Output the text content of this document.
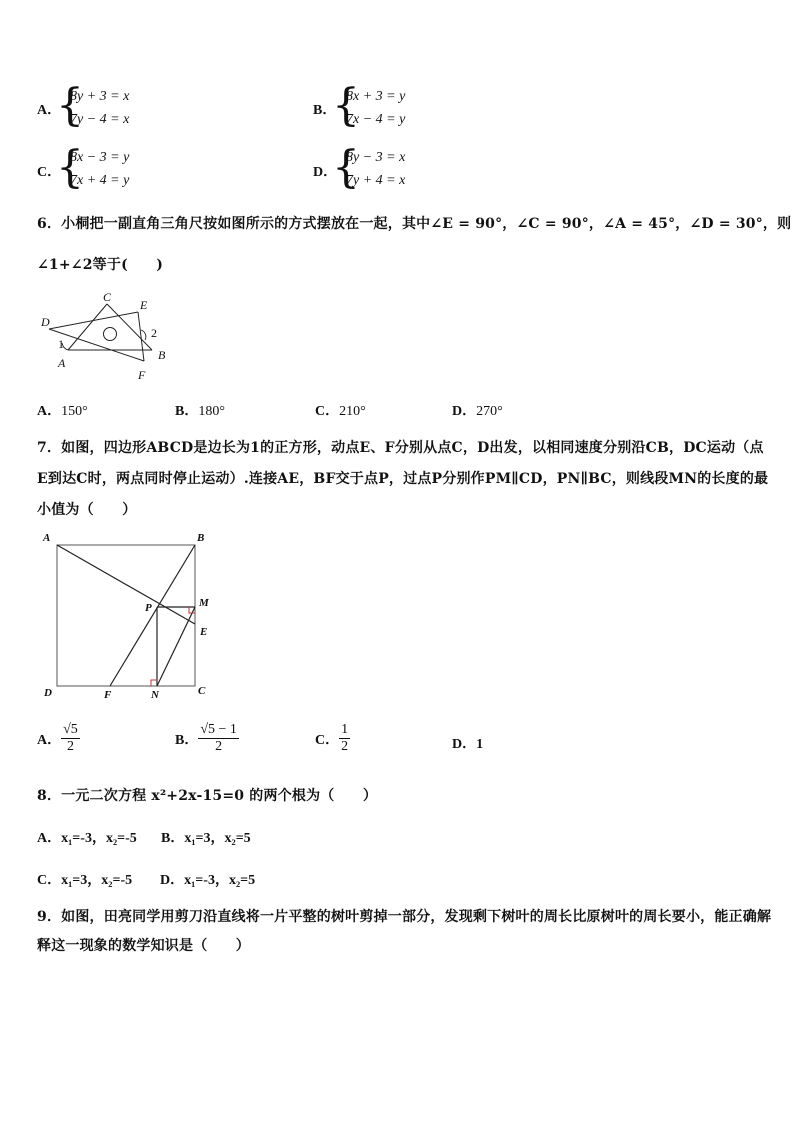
A．
{
8y + 3 = x
7y − 4 = x
B．
{
8x + 3 = y
7x − 4 = y
C．
{
8x − 3 = y
7x + 4 = y
D．
{
8y − 3 = x
7y + 4 = x
6．小桐把一副直角三角尺按如图所示的方式摆放在一起，其中∠E = 90°，∠C = 90°，∠A = 45°，∠D = 30°，则
∠1+∠2等于(　　)
C
E
D
2
1
B
A
F
A．150°	B．180°	C．210°	D．270°
7．如图，四边形ABCD是边长为1的正方形，动点E、F分别从点C，D出发，以相同速度分别沿CB，DC运动（点
E到达C时，两点同时停止运动）.连接AE，BF交于点P，过点P分别作PM∥CD，PN∥BC，则线段MN的长度的最
小值为（　　）
A	B
P	M
E
D	F	N	C
A． $\frac{√5}{2}$	B． $\frac{√5 - 1}{2}$	C． $\frac{1}{2}$	D．1
8．一元二次方程 x²+2x-15=0 的两个根为（　　）
A．x₁=-3，x₂=-5 B．x₁=3，x₂=5
C．x₁=3，x₂=-5 D．x₁=-3，x₂=5
9．如图，田亮同学用剪刀沿直线将一片平整的树叶剪掉一部分，发现剩下树叶的周长比原树叶的周长要小，能正确解
释这一现象的数学知识是（　　）
